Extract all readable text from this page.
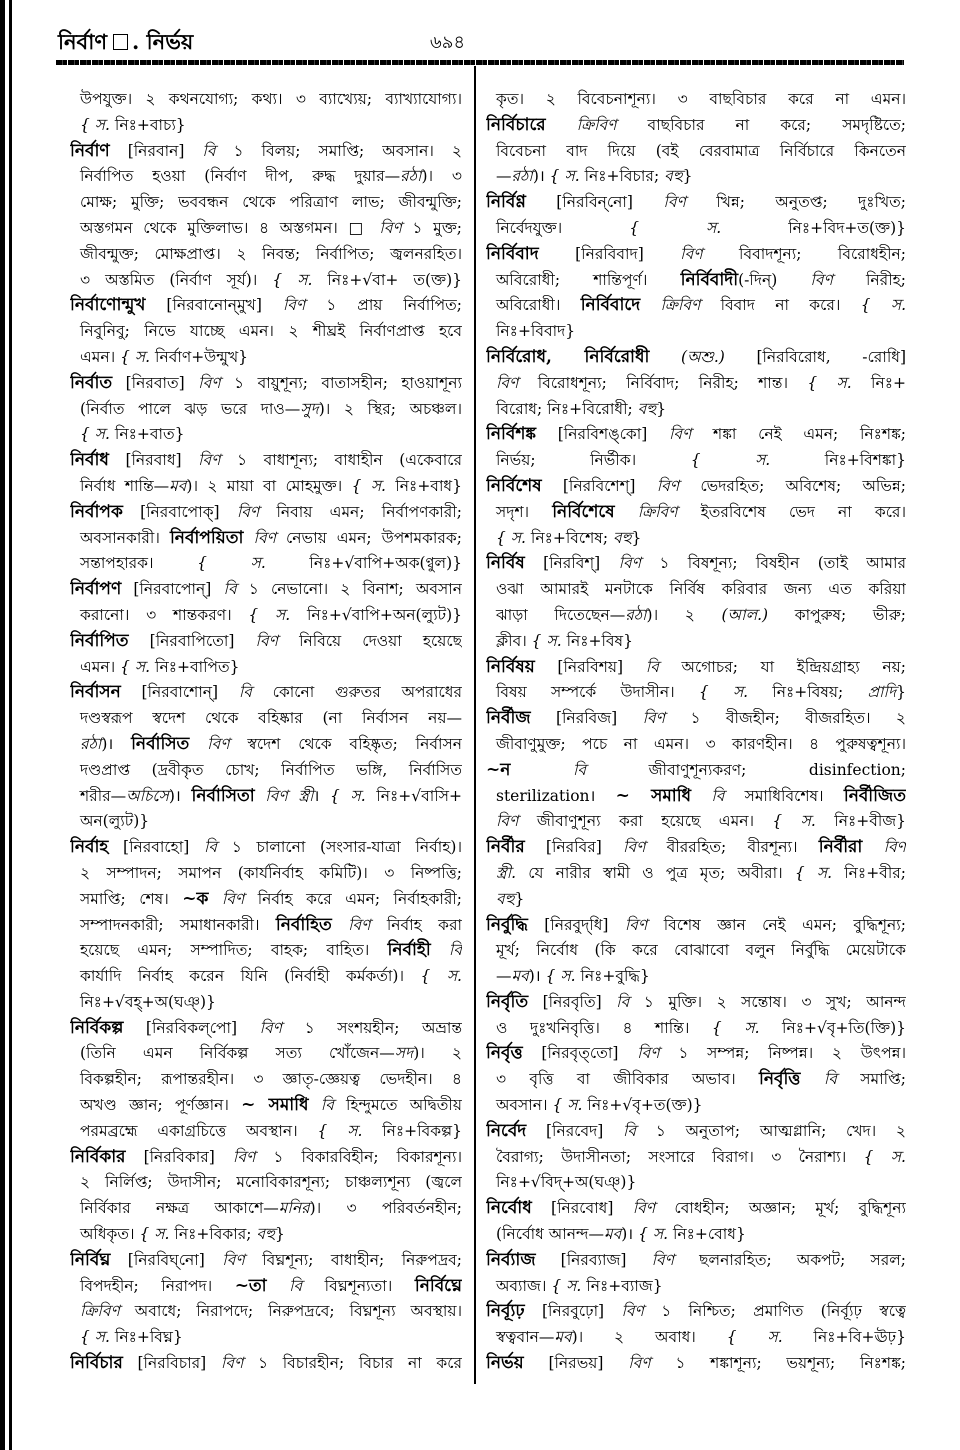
নির্বাণ . নির্ভয়	৬৯৪
উপযুক্ত। ২ কথনযোগ্য; কথ্য। ৩ ব্যাখ্যেয়; ব্যাখ্যাযোগ্য।
{ স. নিঃ+বাচ্য}
নির্বাণ [নিরবান] বি ১ বিলয়; সমাপ্তি; অবসান। ২
নির্বাপিত হওয়া (নির্বাণ দীপ, রুদ্ধ দুয়ার—রঠা)। ৩
মোক্ষ; মুক্তি; ভববন্ধন থেকে পরিত্রাণ লাভ; জীবন্মুক্তি;
অস্তগমন থেকে মুক্তিলাভ। ৪ অস্তগমন। □ বিণ ১ মুক্ত;
জীবন্মুক্ত; মোক্ষপ্রাপ্ত। ২ নিবন্ত; নির্বাপিত; জ্বলনরহিত।
৩ অস্তমিত (নির্বাণ সূর্য)। { স. নিঃ+√বা+ ত(ক্ত)}
নির্বাণোন্মুখ [নিরবানোন্‌মুখ] বিণ ১ প্রায় নির্বাপিত;
নিবুনিবু; নিভে যাচ্ছে এমন। ২ শীঘ্রই নির্বাণপ্রাপ্ত হবে
এমন। { স. নির্বাণ+উন্মুখ}
নির্বাত [নিরবাত] বিণ ১ বায়ুশূন্য; বাতাসহীন; হাওয়াশূন্য
(নির্বাত পালে ঝড় ভরে দাও—সুদ)। ২ স্থির; অচঞ্চল।
{ স. নিঃ+বাত}
নির্বাধ [নিরবাধ] বিণ ১ বাধাশূন্য; বাধাহীন (একেবারে
নির্বাধ শান্তি—মব)। ২ মায়া বা মোহমুক্ত। { স. নিঃ+বাধ}
নির্বাপক [নিরবাপোক্] বিণ নিবায় এমন; নির্বাপণকারী;
অবসানকারী। নির্বাপয়িতা বিণ নেভায় এমন; উপশমকারক;
সন্তাপহারক। { স. নিঃ+√বাপি+অক(ণ্বুল)}
নির্বাপণ [নিরবাপোন্] বি ১ নেভানো। ২ বিনাশ; অবসান
করানো। ৩ শান্তকরণ। { স. নিঃ+√বাপি+অন(ল্যুট)}
নির্বাপিত [নিরবাপিতো] বিণ নিবিয়ে দেওয়া হয়েছে
এমন। { স. নিঃ+বাপিত}
নির্বাসন [নিরবাশোন্] বি কোনো গুরুতর অপরাধের
দণ্ডস্বরূপ স্বদেশ থেকে বহিষ্কার (না নির্বাসন নয়—
রঠা)। নির্বাসিত বিণ স্বদেশ থেকে বহিষ্কৃত; নির্বাসন
দণ্ডপ্রাপ্ত (দ্রবীকৃত চোখ; নির্বাপিত ভঙ্গি, নির্বাসিত
শরীর—অচিসে)। নির্বাসিতা বিণ স্ত্রী। { স. নিঃ+√বাসি+
অন(ল্যুট)}
নির্বাহ [নিরবাহো] বি ১ চালানো (সংসার-যাত্রা নির্বাহ)।
২ সম্পাদন; সমাপন (কার্যনির্বাহ কমিটি)। ৩ নিষ্পত্তি;
সমাপ্তি; শেষ। ~ক বিণ নির্বাহ করে এমন; নির্বাহকারী;
সম্পাদনকারী; সমাধানকারী। নির্বাহিত বিণ নির্বাহ করা
হয়েছে এমন; সম্পাদিত; বাহক; বাহিত। নির্বাহী বি
কার্যাদি নির্বাহ করেন যিনি (নির্বাহী কর্মকর্তা)। { স.
নিঃ+√বহ্‌+অ(ঘঞ্)}
নির্বিকল্প [নিরবিকল্‌পো] বিণ ১ সংশয়হীন; অভ্রান্ত
(তিনি এমন নির্বিকল্প সত্য খোঁজেন—সদ)। ২
বিকল্পহীন; রূপান্তরহীন। ৩ জ্ঞাতৃ-জ্ঞেয়ত্ব ভেদহীন। ৪
অখণ্ড জ্ঞান; পূর্ণজ্ঞান। ~ সমাধি বি হিন্দুমতে অদ্বিতীয়
পরমব্রহ্মে একাগ্রচিত্তে অবস্থান। { স. নিঃ+বিকল্প}
নির্বিকার [নিরবিকার] বিণ ১ বিকারবিহীন; বিকারশূন্য।
২ নির্লিপ্ত; উদাসীন; মনোবিকারশূন্য; চাঞ্চল্যশূন্য (জ্বলে
নির্বিকার নক্ষত্র আকাশে—মনির)। ৩ পরিবর্তনহীন;
অধিকৃত। { স. নিঃ+বিকার; বহু}
নির্বিঘ্ন [নিরবিঘ্‌নো] বিণ বিঘ্নশূন্য; বাধাহীন; নিরুপদ্রব;
বিপদহীন; নিরাপদ। ~তা বি বিঘ্নশূন্যতা। নির্বিঘ্নে
ক্রিবিণ অবাধে; নিরাপদে; নিরুপদ্রবে; বিঘ্নশূন্য অবস্থায়।
{ স. নিঃ+বিঘ্ন}
নির্বিচার [নিরবিচার] বিণ ১ বিচারহীন; বিচার না করে
কৃত। ২ বিবেচনাশূন্য। ৩ বাছবিচার করে না এমন।
নির্বিচারে ক্রিবিণ বাছবিচার না করে; সমদৃষ্টিতে;
বিবেচনা বাদ দিয়ে (বই বেরবামাত্র নির্বিচারে কিনতেন
—রঠা)। { স. নিঃ+বিচার; বহু}
নির্বিণ্ণ [নিরবিন্‌নো] বিণ খিন্ন; অনুতপ্ত; দুঃখিত;
নির্বেদযুক্ত। { স. নিঃ+বিদ+ত(ক্ত)}
নির্বিবাদ [নিরবিবাদ] বিণ বিবাদশূন্য; বিরোধহীন;
অবিরোধী; শান্তিপূর্ণ। নির্বিবাদী(-দিন্) বিণ নিরীহ;
অবিরোধী। নির্বিবাদে ক্রিবিণ বিবাদ না করে। { স.
নিঃ+বিবাদ}
নির্বিরোধ, নির্বিরোধী (অশু.) [নিরবিরোধ, -রোধি]
বিণ বিরোধশূন্য; নির্বিবাদ; নিরীহ; শান্ত। { স. নিঃ+
বিরোধ; নিঃ+বিরোধী; বহু}
নির্বিশঙ্ক [নিরবিশঙ্‌কো] বিণ শঙ্কা নেই এমন; নিঃশঙ্ক;
নির্ভয়; নির্ভীক। { স. নিঃ+বিশঙ্কা}
নির্বিশেষ [নিরবিশেশ্] বিণ ভেদরহিত; অবিশেষ; অভিন্ন;
সদৃশ। নির্বিশেষে ক্রিবিণ ইতরবিশেষ ভেদ না করে।
{ স. নিঃ+বিশেষ; বহু}
নির্বিষ [নিরবিশ্] বিণ ১ বিষশূন্য; বিষহীন (তাই আমার
ওঝা আমারই মনটাকে নির্বিষ করিবার জন্য এত করিয়া
ঝাড়া দিতেছেন—রঠা)। ২ (আল.) কাপুরুষ; ভীরু;
ক্লীব। { স. নিঃ+বিষ}
নির্বিষয় [নিরবিশয়] বি অগোচর; যা ইন্দ্রিয়গ্রাহ্য নয়;
বিষয় সম্পর্কে উদাসীন। { স. নিঃ+বিষয়; প্রাদি}
নির্বীজ [নিরবিজ] বিণ ১ বীজহীন; বীজরহিত। ২
জীবাণুমুক্ত; পচে না এমন। ৩ কারণহীন। ৪ পুরুষত্বশূন্য।
~ন	বি জীবাণুশূন্যকরণ; disinfection;
sterilization। ~ সমাধি বি সমাধিবিশেষ। নির্বীজিত
বিণ জীবাণুশূন্য করা হয়েছে এমন। { স. নিঃ+বীজ}
নির্বীর [নিরবির] বিণ বীররহিত; বীরশূন্য। নির্বীরা বিণ
স্ত্রী. যে নারীর স্বামী ও পুত্র মৃত; অবীরা। { স. নিঃ+বীর;
বহু}
নির্বুদ্ধি [নিরবুদ্‌ধি] বিণ বিশেষ জ্ঞান নেই এমন; বুদ্ধিশূন্য;
মূর্খ; নির্বোধ (কি করে বোঝাবো বলুন নির্বুদ্ধি মেয়েটাকে
—মব)। { স. নিঃ+বুদ্ধি}
নির্বৃতি [নিরবৃতি] বি ১ মুক্তি। ২ সন্তোষ। ৩ সুখ; আনন্দ
ও দুঃখনিবৃত্তি। ৪ শান্তি। { স. নিঃ+√বৃ+তি(ক্তি)}
নির্বৃত্ত [নিরবৃত্‌তো] বিণ ১ সম্পন্ন; নিষ্পন্ন। ২ উৎপন্ন।
৩ বৃত্তি বা জীবিকার অভাব। নির্বৃত্তি বি সমাপ্তি;
অবসান। { স. নিঃ+√বৃ+ত(ক্ত)}
নির্বেদ [নিরবেদ] বি ১ অনুতাপ; আত্মগ্লানি; খেদ। ২
বৈরাগ্য; উদাসীনতা; সংসারে বিরাগ। ৩ নৈরাশ্য। { স.
নিঃ+√বিদ্‌+অ(ঘঞ্)}
নির্বোধ [নিরবোধ] বিণ বোধহীন; অজ্ঞান; মূর্খ; বুদ্ধিশূন্য
(নির্বোধ আনন্দ—মব)। { স. নিঃ+বোধ}
নির্ব্যাজ [নিরব্যাজ] বিণ ছলনারহিত; অকপট; সরল;
অব্যাজ। { স. নিঃ+ব্যাজ}
নির্ব্যূঢ় [নিরবুঢ়ো] বিণ ১ নিশ্চিত; প্রমাণিত (নির্ব্যূঢ় স্বত্বে
স্বত্ববান—মব)। ২ অবাধ। { স. নিঃ+বি+ঊঢ়}
নির্ভয় [নিরভয়] বিণ ১ শঙ্কাশূন্য; ভয়শূন্য; নিঃশঙ্ক;
